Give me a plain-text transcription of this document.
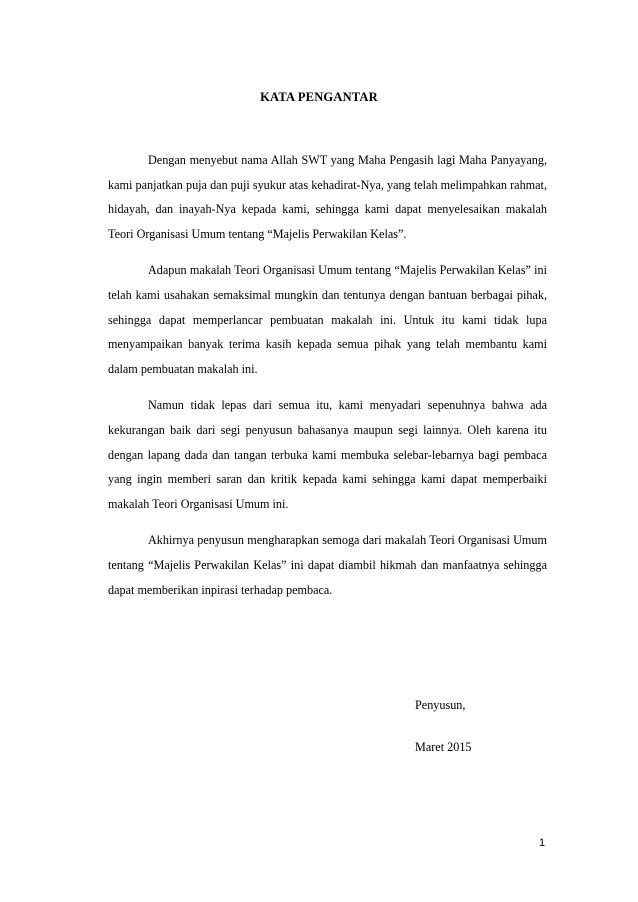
KATA PENGANTAR

Dengan menyebut nama Allah SWT yang Maha Pengasih lagi Maha Panyayang, kami panjatkan puja dan puji syukur atas kehadirat-Nya, yang telah melimpahkan rahmat, hidayah, dan inayah-Nya kepada kami, sehingga kami dapat menyelesaikan makalah Teori Organisasi Umum tentang “Majelis Perwakilan Kelas”.

Adapun makalah Teori Organisasi Umum tentang “Majelis Perwakilan Kelas” ini telah kami usahakan semaksimal mungkin dan tentunya dengan bantuan berbagai pihak, sehingga dapat memperlancar pembuatan makalah ini. Untuk itu kami tidak lupa menyampaikan banyak terima kasih kepada semua pihak yang telah membantu kami dalam pembuatan makalah ini.

Namun tidak lepas dari semua itu, kami menyadari sepenuhnya bahwa ada kekurangan baik dari segi penyusun bahasanya maupun segi lainnya. Oleh karena itu dengan lapang dada dan tangan terbuka kami membuka selebar-lebarnya bagi pembaca yang ingin memberi saran dan kritik kepada kami sehingga kami dapat memperbaiki makalah Teori Organisasi Umum ini.

Akhirnya penyusun mengharapkan semoga dari makalah Teori Organisasi Umum tentang “Majelis Perwakilan Kelas” ini dapat diambil hikmah dan manfaatnya sehingga dapat memberikan inpirasi terhadap pembaca.

Penyusun,
Maret 2015
1
